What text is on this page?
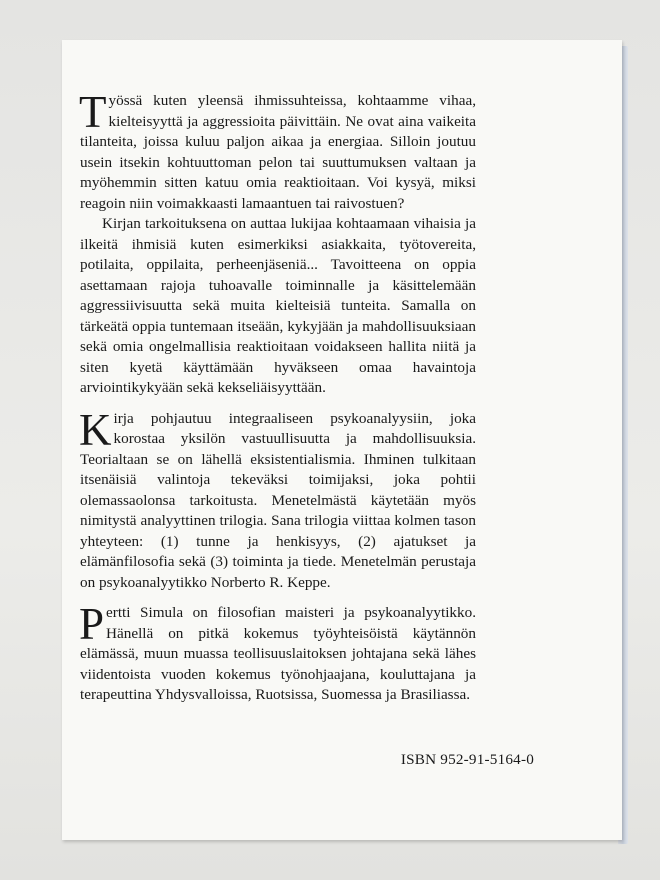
Työssä kuten yleensä ihmissuhteissa, kohtaamme vihaa, kielteisyyttä ja aggressioita päivittäin. Ne ovat aina vaikeita tilanteita, joissa kuluu paljon aikaa ja energiaa. Silloin joutuu usein itsekin kohtuuttoman pelon tai suuttumuksen valtaan ja myöhemmin sitten katuu omia reaktioitaan. Voi kysyä, miksi reagoin niin voimakkaasti lamaantuen tai raivostuen?

Kirjan tarkoituksena on auttaa lukijaa kohtaamaan vihaisia ja ilkeitä ihmisiä kuten esimerkiksi asiakkaita, työtovereita, potilaita, oppilaita, perheenjäseniä... Tavoitteena on oppia asettamaan rajoja tuhoavalle toiminnalle ja käsittelemään aggressiivisuutta sekä muita kielteisiä tunteita. Samalla on tärkeätä oppia tuntemaan itseään, kykyjään ja mahdollisuuksiaan sekä omia ongelmallisia reaktioitaan voidakseen hallita niitä ja siten kyetä käyttämään hyväkseen omaa havaintoja arviointikykyään sekä kekseliäisyyttään.

Kirja pohjautuu integraaliseen psykoanalyysiin, joka korostaa yksilön vastuullisuutta ja mahdollisuuksia. Teorialtaan se on lähellä eksistentialismia. Ihminen tulkitaan itsenäisiä valintoja tekeväksi toimijaksi, joka pohtii olemassaolonsa tarkoitusta. Menetelmästä käytetään myös nimitystä analyyttinen trilogia. Sana trilogia viittaa kolmen tason yhteyteen: (1) tunne ja henkisyys, (2) ajatukset ja elämänfilosofia sekä (3) toiminta ja tiede. Menetelmän perustaja on psykoanalyytikko Norberto R. Keppe.

Pertti Simula on filosofian maisteri ja psykoanalyytikko. Hänellä on pitkä kokemus työyhteisöistä käytännön elämässä, muun muassa teollisuuslaitoksen johtajana sekä lähes viidentoista vuoden kokemus työnohjaajana, kouluttajana ja terapeuttina Yhdysvalloissa, Ruotsissa, Suomessa ja Brasiliassa.

ISBN 952-91-5164-0
